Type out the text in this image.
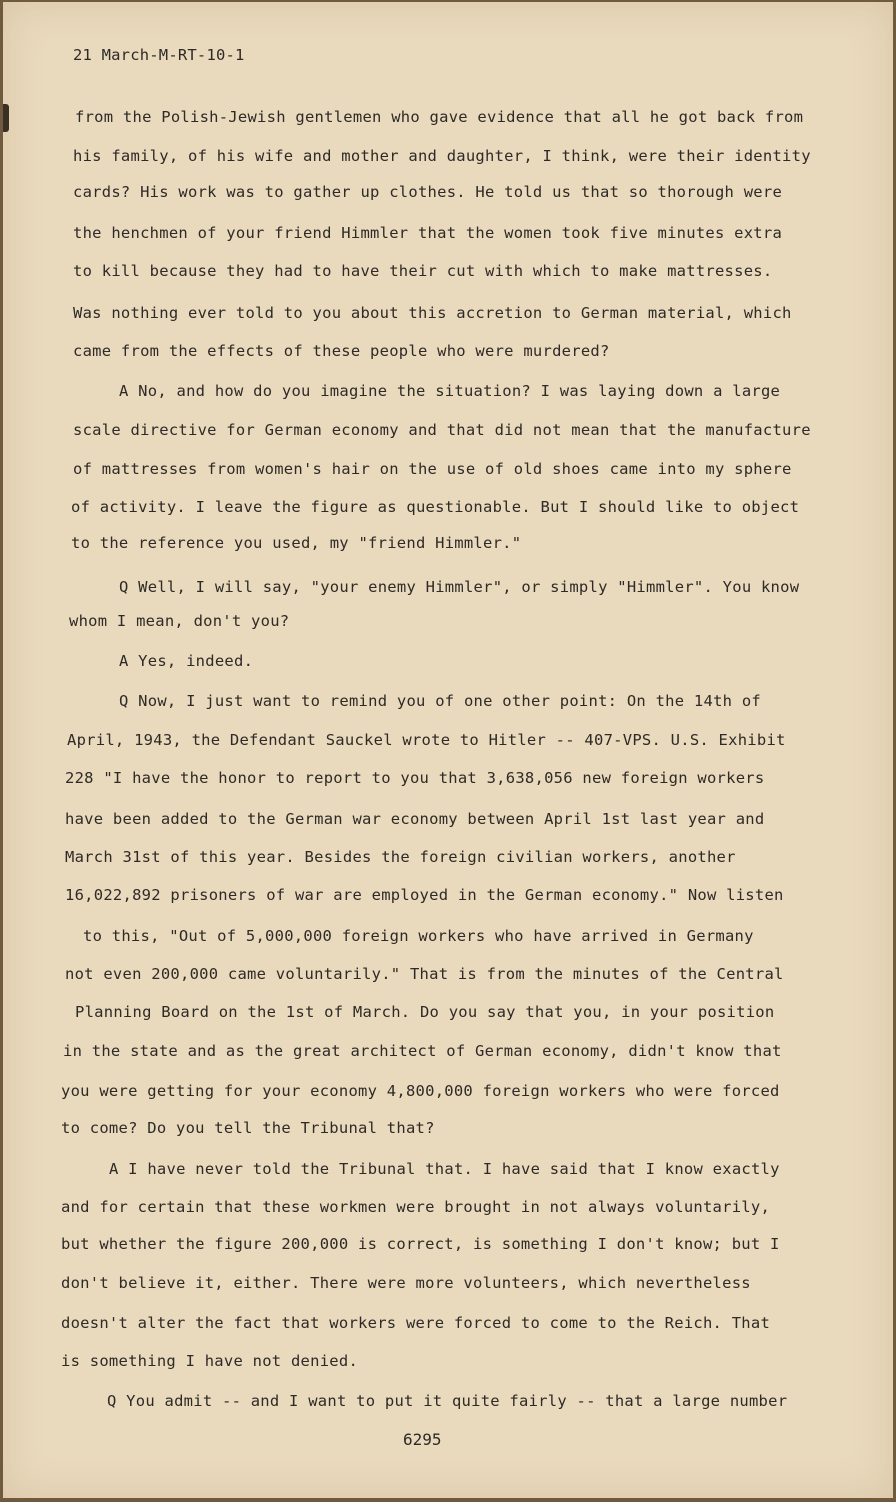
21 March-M-RT-10-1
from the Polish-Jewish gentlemen who gave evidence that all he got back from
his family, of his wife and mother and daughter, I think, were their identity
cards? His work was to gather up clothes. He told us that so thorough were
the henchmen of your friend Himmler that the women took five minutes extra
to kill because they had to have their cut with which to make mattresses.
Was nothing ever told to you about this accretion to German material, which
came from the effects of these people who were murdered?
A No, and how do you imagine the situation? I was laying down a large
scale directive for German economy and that did not mean that the manufacture
of mattresses from women's hair on the use of old shoes came into my sphere
of activity. I leave the figure as questionable. But I should like to object
to the reference you used, my "friend Himmler."
Q Well, I will say, "your enemy Himmler", or simply "Himmler". You know
whom I mean, don't you?
A Yes, indeed.
Q Now, I just want to remind you of one other point: On the 14th of
April, 1943, the Defendant Sauckel wrote to Hitler -- 407-VPS. U.S. Exhibit
228 "I have the honor to report to you that 3,638,056 new foreign workers
have been added to the German war economy between April 1st last year and
March 31st of this year. Besides the foreign civilian workers, another
16,022,892 prisoners of war are employed in the German economy." Now listen
to this, "Out of 5,000,000 foreign workers who have arrived in Germany
not even 200,000 came voluntarily." That is from the minutes of the Central
Planning Board on the 1st of March. Do you say that you, in your position
in the state and as the great architect of German economy, didn't know that
you were getting for your economy 4,800,000 foreign workers who were forced
to come? Do you tell the Tribunal that?
A I have never told the Tribunal that. I have said that I know exactly
and for certain that these workmen were brought in not always voluntarily,
but whether the figure 200,000 is correct, is something I don't know; but I
don't believe it, either. There were more volunteers, which nevertheless
doesn't alter the fact that workers were forced to come to the Reich. That
is something I have not denied.
Q You admit -- and I want to put it quite fairly -- that a large number
6295
